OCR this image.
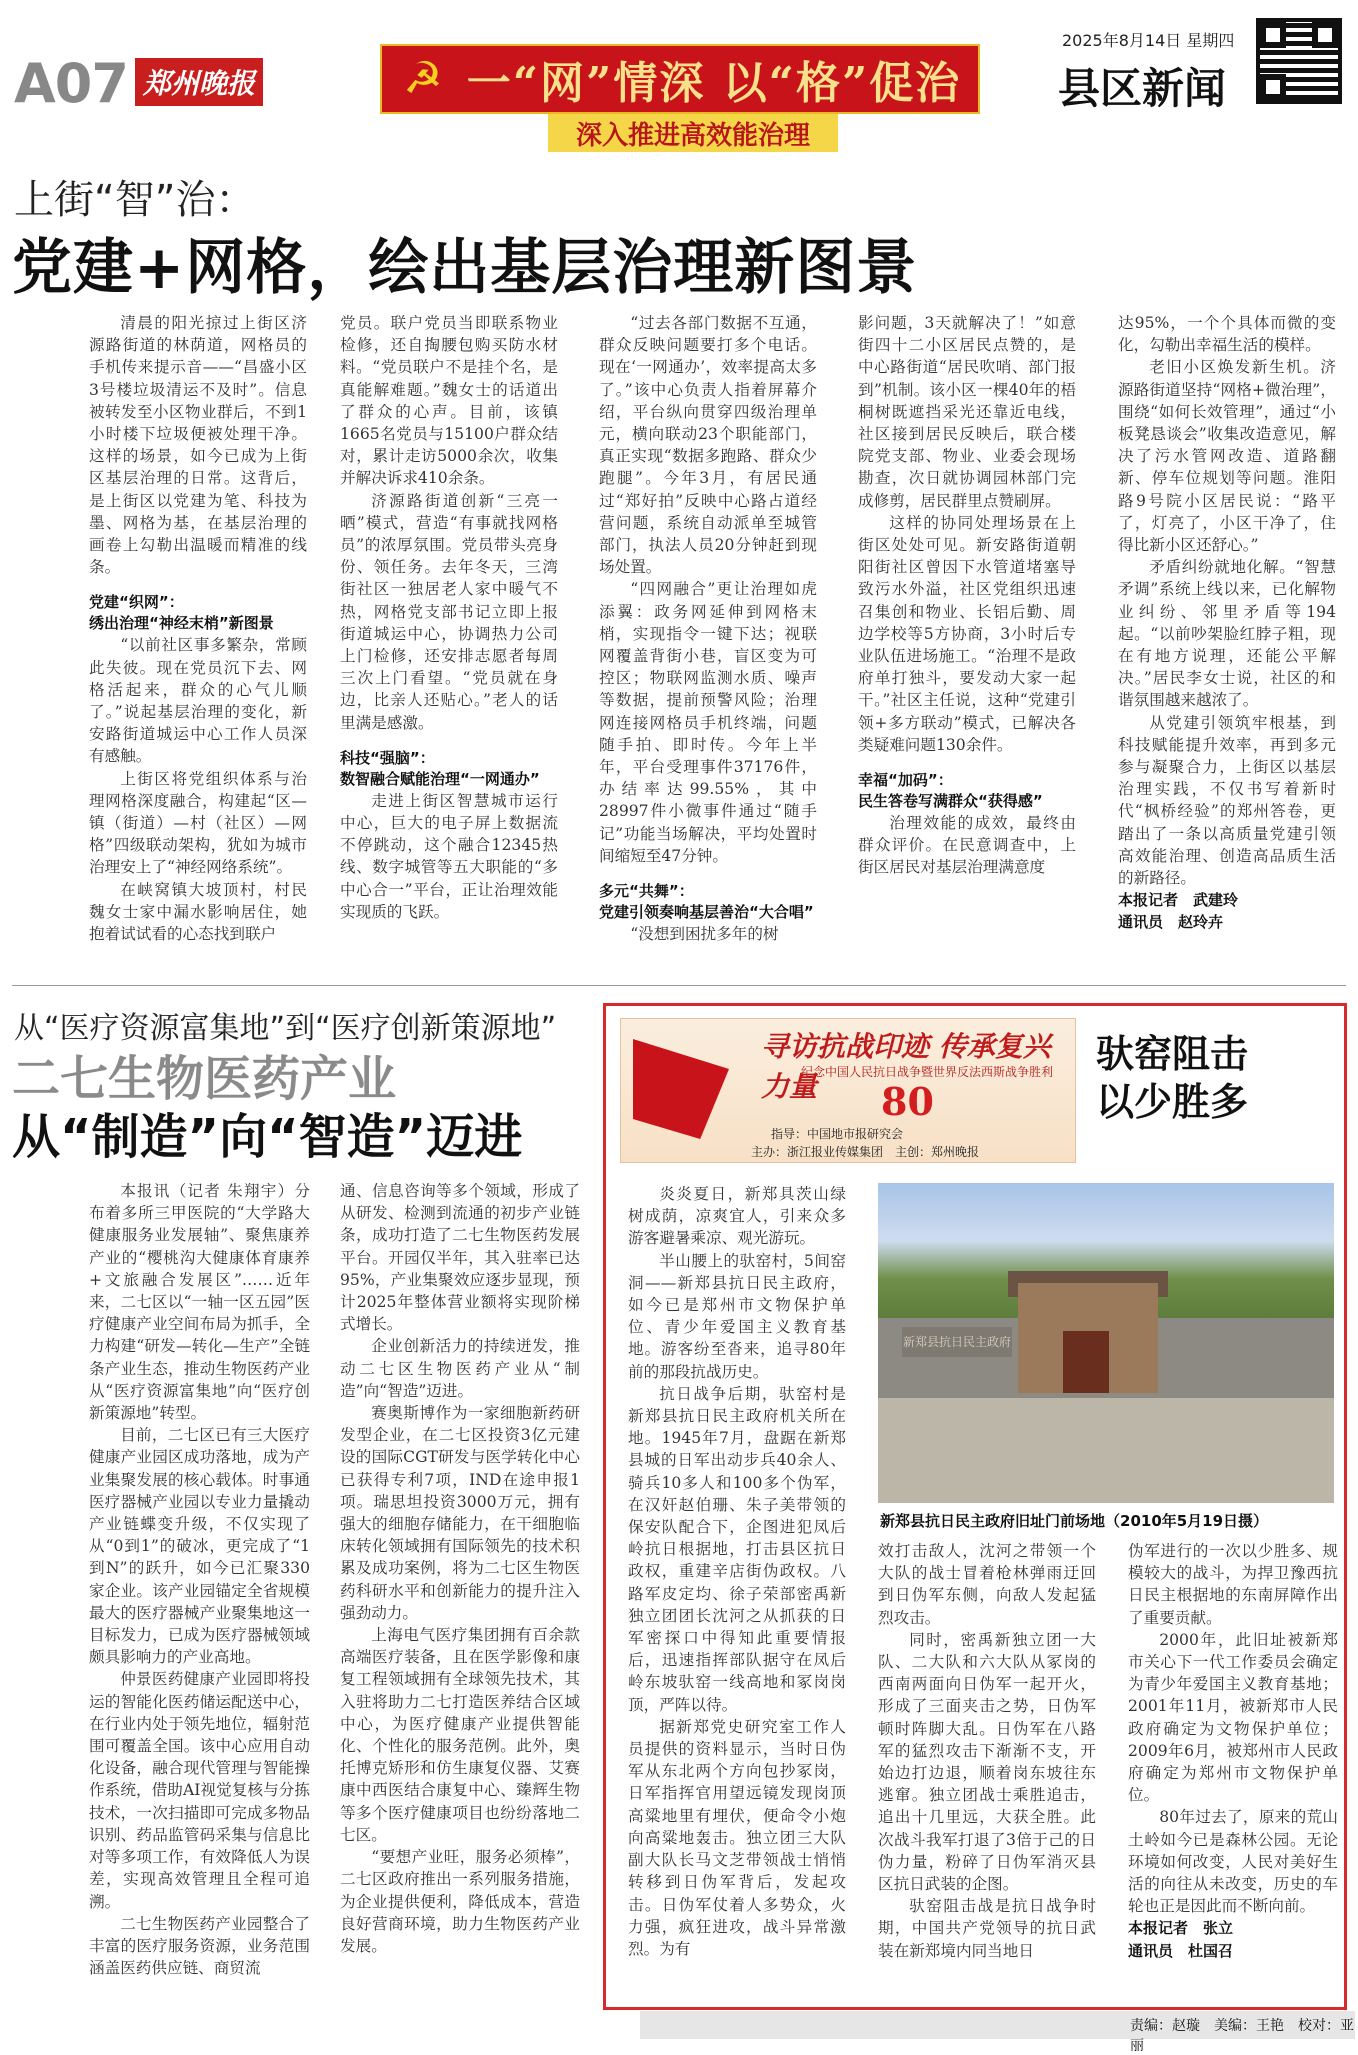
A07 郑州晚报	☭ 一“网”情深 以“格”促治
深入推进高效能治理
2025年8月14日 星期四
县区新闻
上街“智”治：
党建+网格，绘出基层治理新图景

清晨的阳光掠过上街区济源路街道的林荫道，网格员的手机传来提示音——“昌盛小区3号楼垃圾清运不及时”。信息被转发至小区物业群后，不到1小时楼下垃圾便被处理干净。这样的场景，如今已成为上街区基层治理的日常。这背后，是上街区以党建为笔、科技为墨、网格为基，在基层治理的画卷上勾勒出温暖而精准的线条。

党建“织网”：

绣出治理“神经末梢”新图景

“以前社区事多繁杂，常顾此失彼。现在党员沉下去、网格活起来，群众的心气儿顺了。”说起基层治理的变化，新安路街道城运中心工作人员深有感触。

上街区将党组织体系与治理网格深度融合，构建起“区—镇（街道）—村（社区）—网格”四级联动架构，犹如为城市治理安上了“神经网络系统”。

在峡窝镇大坡顶村，村民魏女士家中漏水影响居住，她抱着试试看的心态找到联户

党员。联户党员当即联系物业检修，还自掏腰包购买防水材料。“党员联户不是挂个名，是真能解难题。”魏女士的话道出了群众的心声。目前，该镇1665名党员与15100户群众结对，累计走访5000余次，收集并解决诉求410余条。

济源路街道创新“三亮一晒”模式，营造“有事就找网格员”的浓厚氛围。党员带头亮身份、领任务。去年冬天，三湾街社区一独居老人家中暖气不热，网格党支部书记立即上报街道城运中心，协调热力公司上门检修，还安排志愿者每周三次上门看望。“党员就在身边，比亲人还贴心。”老人的话里满是感激。

科技“强脑”：

数智融合赋能治理“一网通办”

走进上街区智慧城市运行中心，巨大的电子屏上数据流不停跳动，这个融合12345热线、数字城管等五大职能的“多中心合一”平台，正让治理效能实现质的飞跃。

“过去各部门数据不互通，群众反映问题要打多个电话。现在‘一网通办’，效率提高太多了。”该中心负责人指着屏幕介绍，平台纵向贯穿四级治理单元，横向联动23个职能部门，真正实现“数据多跑路、群众少跑腿”。今年3月，有居民通过“郑好拍”反映中心路占道经营问题，系统自动派单至城管部门，执法人员20分钟赶到现场处置。

“四网融合”更让治理如虎添翼：政务网延伸到网格末梢，实现指令一键下达；视联网覆盖背街小巷，盲区变为可控区；物联网监测水质、噪声等数据，提前预警风险；治理网连接网格员手机终端，问题随手拍、即时传。今年上半年，平台受理事件37176件，办结率达99.55%，其中28997件小微事件通过“随手记”功能当场解决，平均处置时间缩短至47分钟。

多元“共舞”：

党建引领奏响基层善治“大合唱”

“没想到困扰多年的树

影问题，3天就解决了！”如意街四十二小区居民点赞的，是中心路街道“居民吹哨、部门报到”机制。该小区一棵40年的梧桐树既遮挡采光还靠近电线，社区接到居民反映后，联合楼院党支部、物业、业委会现场勘查，次日就协调园林部门完成修剪，居民群里点赞刷屏。

这样的协同处理场景在上街区处处可见。新安路街道朝阳街社区曾因下水管道堵塞导致污水外溢，社区党组织迅速召集创和物业、长铝后勤、周边学校等5方协商，3小时后专业队伍进场施工。“治理不是政府单打独斗，要发动大家一起干。”社区主任说，这种“党建引领+多方联动”模式，已解决各类疑难问题130余件。

幸福“加码”：

民生答卷写满群众“获得感”

治理效能的成效，最终由群众评价。在民意调查中，上街区居民对基层治理满意度

达95%，一个个具体而微的变化，勾勒出幸福生活的模样。

老旧小区焕发新生机。济源路街道坚持“网格+微治理”，围绕“如何长效管理”，通过“小板凳恳谈会”收集改造意见，解决了污水管网改造、道路翻新、停车位规划等问题。淮阳路9号院小区居民说：“路平了，灯亮了，小区干净了，住得比新小区还舒心。”

矛盾纠纷就地化解。“智慧矛调”系统上线以来，已化解物业纠纷、邻里矛盾等194起。“以前吵架脸红脖子粗，现在有地方说理，还能公平解决。”居民李女士说，社区的和谐氛围越来越浓了。

从党建引领筑牢根基，到科技赋能提升效率，再到多元参与凝聚合力，上街区以基层治理实践，不仅书写着新时代“枫桥经验”的郑州答卷，更踏出了一条以高质量党建引领高效能治理、创造高品质生活的新路径。

本报记者　武建玲

通讯员　赵玲卉

从“医疗资源富集地”到“医疗创新策源地”
二七生物医药产业
从“制造”向“智造”迈进

本报讯（记者 朱翔宇）分布着多所三甲医院的“大学路大健康服务业发展轴”、聚焦康养产业的“樱桃沟大健康体育康养+文旅融合发展区”……近年来，二七区以“一轴一区五园”医疗健康产业空间布局为抓手，全力构建“研发—转化—生产”全链条产业生态，推动生物医药产业从“医疗资源富集地”向“医疗创新策源地”转型。

目前，二七区已有三大医疗健康产业园区成功落地，成为产业集聚发展的核心载体。时事通医疗器械产业园以专业力量撬动产业链蝶变升级，不仅实现了从“0到1”的破冰，更完成了“1到N”的跃升，如今已汇聚330家企业。该产业园锚定全省规模最大的医疗器械产业聚集地这一目标发力，已成为医疗器械领域颇具影响力的产业高地。

仲景医药健康产业园即将投运的智能化医药储运配送中心，在行业内处于领先地位，辐射范围可覆盖全国。该中心应用自动化设备，融合现代管理与智能操作系统，借助AI视觉复核与分拣技术，一次扫描即可完成多物品识别、药品监管码采集与信息比对等多项工作，有效降低人为误差，实现高效管理且全程可追溯。

二七生物医药产业园整合了丰富的医疗服务资源，业务范围涵盖医药供应链、商贸流

通、信息咨询等多个领域，形成了从研发、检测到流通的初步产业链条，成功打造了二七生物医药发展平台。开园仅半年，其入驻率已达95%，产业集聚效应逐步显现，预计2025年整体营业额将实现阶梯式增长。

企业创新活力的持续迸发，推动二七区生物医药产业从“制造”向“智造”迈进。

赛奥斯博作为一家细胞新药研发型企业，在二七区投资3亿元建设的国际CGT研发与医学转化中心已获得专利7项，IND在途申报1项。瑞思坦投资3000万元，拥有强大的细胞存储能力，在干细胞临床转化领域拥有国际领先的技术积累及成功案例，将为二七区生物医药科研水平和创新能力的提升注入强劲动力。

上海电气医疗集团拥有百余款高端医疗装备，且在医学影像和康复工程领域拥有全球领先技术，其入驻将助力二七打造医养结合区域中心，为医疗健康产业提供智能化、个性化的服务范例。此外，奥托博克矫形和仿生康复仪器、艾赛康中西医结合康复中心、臻辉生物等多个医疗健康项目也纷纷落地二七区。

“要想产业旺，服务必须棒”，二七区政府推出一系列服务措施，为企业提供便利，降低成本，营造良好营商环境，助力生物医药产业发展。

寻访抗战印迹 传承复兴力量
纪念中国人民抗日战争暨世界反法西斯战争胜利
80
指导：中国地市报研究会
主办：浙江报业传媒集团　主创：郑州晚报
驮窑阻击以少胜多
新郑县抗日民主政府
新郑县抗日民主政府旧址门前场地（2010年5月19日摄）

炎炎夏日，新郑具茨山绿树成荫，凉爽宜人，引来众多游客避暑乘凉、观光游玩。

半山腰上的驮窑村，5间窑洞——新郑县抗日民主政府，如今已是郑州市文物保护单位、青少年爱国主义教育基地。游客纷至沓来，追寻80年前的那段抗战历史。

抗日战争后期，驮窑村是新郑县抗日民主政府机关所在地。1945年7月，盘踞在新郑县城的日军出动步兵40余人、骑兵10多人和100多个伪军，在汉奸赵伯珊、朱子美带领的保安队配合下，企图进犯凤后岭抗日根据地，打击县区抗日政权，重建辛店街伪政权。八路军皮定均、徐子荣部密禹新独立团团长沈河之从抓获的日军密探口中得知此重要情报后，迅速指挥部队据守在凤后岭东坡驮窑一线高地和冢岗岗顶，严阵以待。

据新郑党史研究室工作人员提供的资料显示，当时日伪军从东北两个方向包抄冢岗，日军指挥官用望远镜发现岗顶高粱地里有埋伏，便命令小炮向高粱地轰击。独立团三大队副大队长马文芝带领战士悄悄转移到日伪军背后，发起攻击。日伪军仗着人多势众，火力强，疯狂进攻，战斗异常激烈。为有

效打击敌人，沈河之带领一个大队的战士冒着枪林弹雨迂回到日伪军东侧，向敌人发起猛烈攻击。

同时，密禹新独立团一大队、二大队和六大队从冢岗的西南两面向日伪军一起开火，形成了三面夹击之势，日伪军顿时阵脚大乱。日伪军在八路军的猛烈攻击下渐渐不支，开始边打边退，顺着岗东坡往东逃窜。独立团战士乘胜追击，追出十几里远，大获全胜。此次战斗我军打退了3倍于己的日伪力量，粉碎了日伪军消灭县区抗日武装的企图。

驮窑阻击战是抗日战争时期，中国共产党领导的抗日武装在新郑境内同当地日

伪军进行的一次以少胜多、规模较大的战斗，为捍卫豫西抗日民主根据地的东南屏障作出了重要贡献。

2000年，此旧址被新郑市关心下一代工作委员会确定为青少年爱国主义教育基地；2001年11月，被新郑市人民政府确定为文物保护单位；2009年6月，被郑州市人民政府确定为郑州市文物保护单位。

80年过去了，原来的荒山土岭如今已是森林公园。无论环境如何改变，人民对美好生活的向往从未改变，历史的车轮也正是因此而不断向前。

本报记者　张立

通讯员　杜国召

责编：赵璇　美编：王艳　校对：亚丽
